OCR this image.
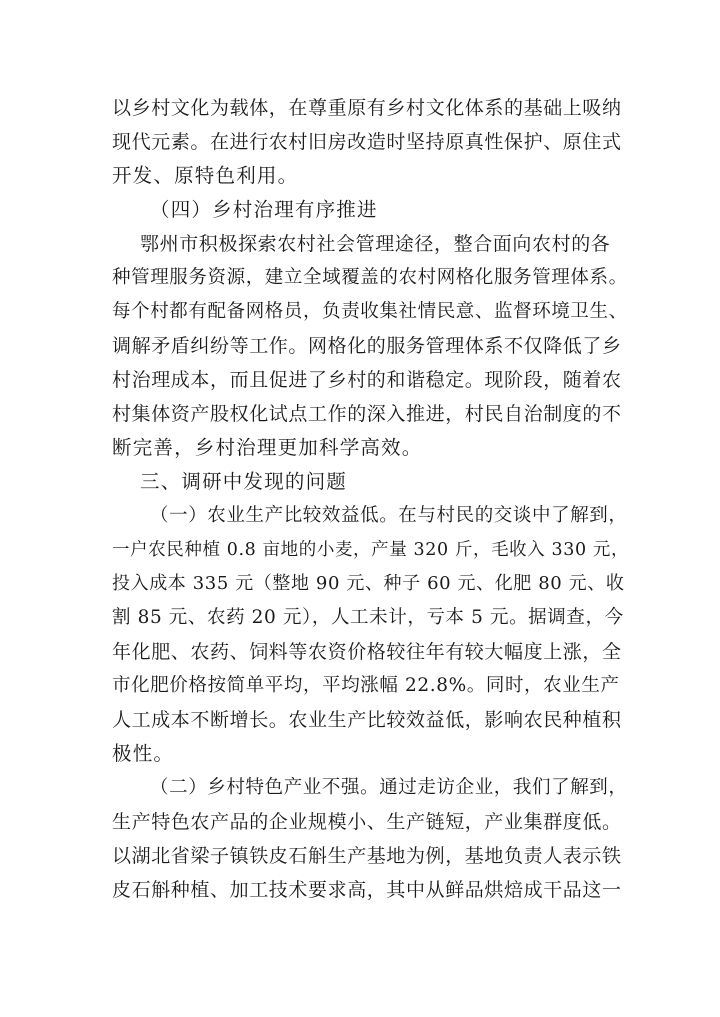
以乡村文化为载体，在尊重原有乡村文化体系的基础上吸纳
现代元素。在进行农村旧房改造时坚持原真性保护、原住式
开发、原特色利用。
（四）乡村治理有序推进
鄂州市积极探索农村社会管理途径，整合面向农村的各
种管理服务资源，建立全域覆盖的农村网格化服务管理体系。
每个村都有配备网格员，负责收集社情民意、监督环境卫生、
调解矛盾纠纷等工作。网格化的服务管理体系不仅降低了乡
村治理成本，而且促进了乡村的和谐稳定。现阶段，随着农
村集体资产股权化试点工作的深入推进，村民自治制度的不
断完善，乡村治理更加科学高效。
三、调研中发现的问题
（一）农业生产比较效益低。在与村民的交谈中了解到，
一户农民种植 0.8 亩地的小麦，产量 320 斤，毛收入 330 元，
投入成本 335 元（整地 90 元、种子 60 元、化肥 80 元、收
割 85 元、农药 20 元），人工未计，亏本 5 元。据调查，今
年化肥、农药、饲料等农资价格较往年有较大幅度上涨，全
市化肥价格按简单平均，平均涨幅 22.8%。同时，农业生产
人工成本不断增长。农业生产比较效益低，影响农民种植积
极性。
（二）乡村特色产业不强。通过走访企业，我们了解到，
生产特色农产品的企业规模小、生产链短，产业集群度低。
以湖北省梁子镇铁皮石斛生产基地为例，基地负责人表示铁
皮石斛种植、加工技术要求高，其中从鲜品烘焙成干品这一
